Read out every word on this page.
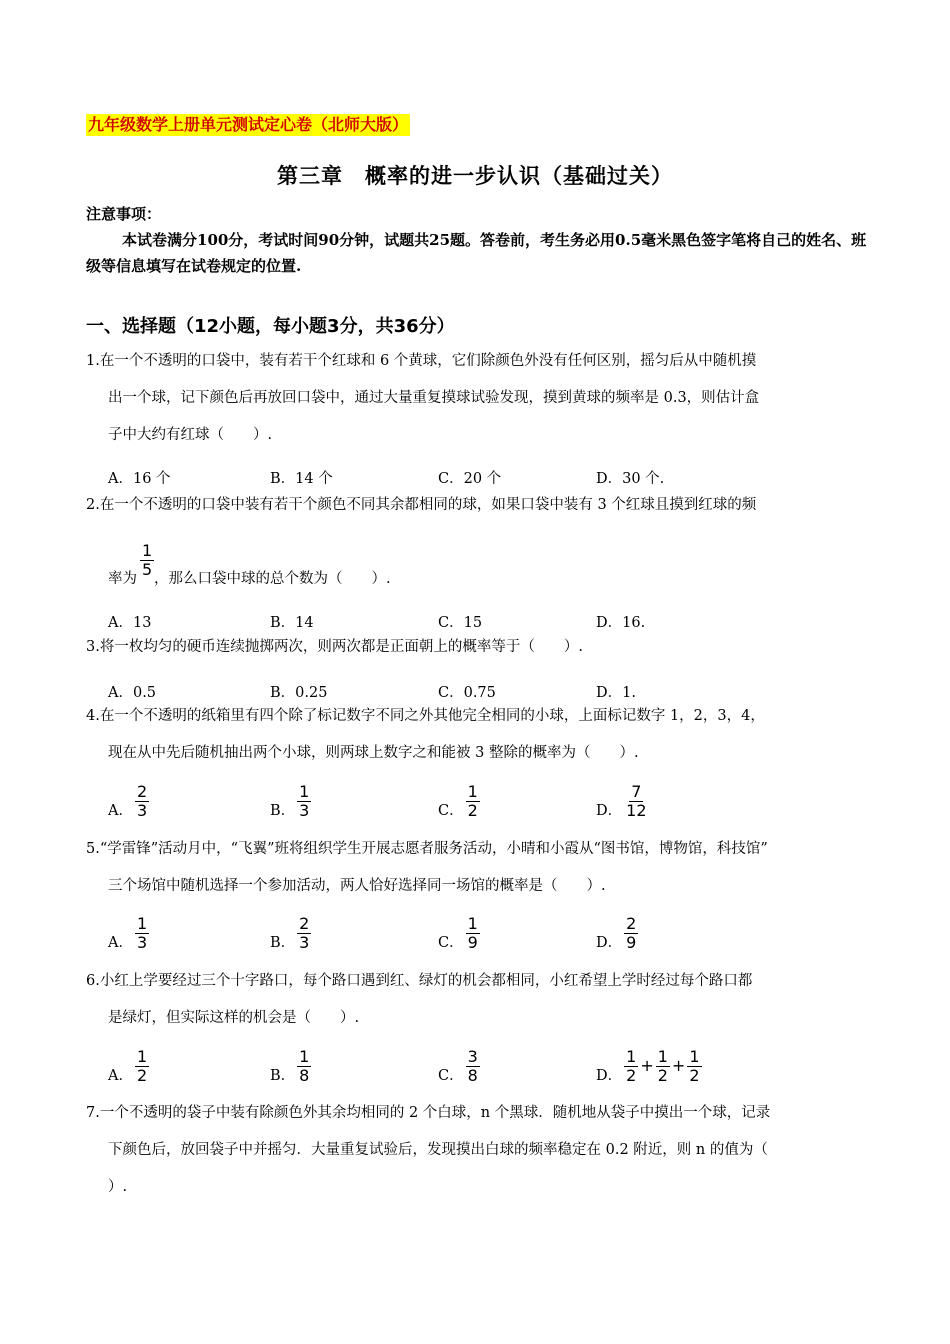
九年级数学上册单元测试定心卷（北师大版）
第三章　概率的进一步认识（基础过关）
注意事项：
本试卷满分100分，考试时间90分钟，试题共25题。答卷前，考生务必用0.5毫米黑色签字笔将自己的姓名、班级等信息填写在试卷规定的位置.
一、选择题（12小题，每小题3分，共36分）
1.在一个不透明的口袋中，装有若干个红球和 6 个黄球，它们除颜色外没有任何区别，摇匀后从中随机摸
出一个球，记下颜色后再放回口袋中，通过大量重复摸球试验发现，摸到黄球的频率是 0.3，则估计盒
子中大约有红球（　　）.
A．16 个	B．14 个	C．20 个	D．30 个.
2.在一个不透明的口袋中装有若干个颜色不同其余都相同的球，如果口袋中装有 3 个红球且摸到红球的频
率为 $\frac{1}{5}$ ，那么口袋中球的总个数为（　　）.
A．13	B．14	C．15	D．16.
3.将一枚均匀的硬币连续抛掷两次，则两次都是正面朝上的概率等于（　　）.
A．0.5	B．0.25	C．0.75	D．1.
4.在一个不透明的纸箱里有四个除了标记数字不同之外其他完全相同的小球，上面标记数字 1，2，3，4，
现在从中先后随机抽出两个小球，则两球上数字之和能被 3 整除的概率为（　　）.
A． $\frac{2}{3}$	B． $\frac{1}{3}$	C． $\frac{1}{2}$	D． $\frac{7}{12}$
5.“学雷锋”活动月中，“飞翼”班将组织学生开展志愿者服务活动，小晴和小霞从“图书馆，博物馆，科技馆”
三个场馆中随机选择一个参加活动，两人恰好选择同一场馆的概率是（　　）.
A． $\frac{1}{3}$	B． $\frac{2}{3}$	C． $\frac{1}{9}$	D． $\frac{2}{9}$
6.小红上学要经过三个十字路口，每个路口遇到红、绿灯的机会都相同，小红希望上学时经过每个路口都
是绿灯，但实际这样的机会是（　　）.
A． $\frac{1}{2}$	B． $\frac{1}{8}$	C． $\frac{3}{8}$	D． $\frac{1}{2} + \frac{1}{2} + \frac{1}{2}$
7.一个不透明的袋子中装有除颜色外其余均相同的 2 个白球，n 个黑球．随机地从袋子中摸出一个球，记录
下颜色后，放回袋子中并摇匀．大量重复试验后，发现摸出白球的频率稳定在 0.2 附近，则 n 的值为（
）.
